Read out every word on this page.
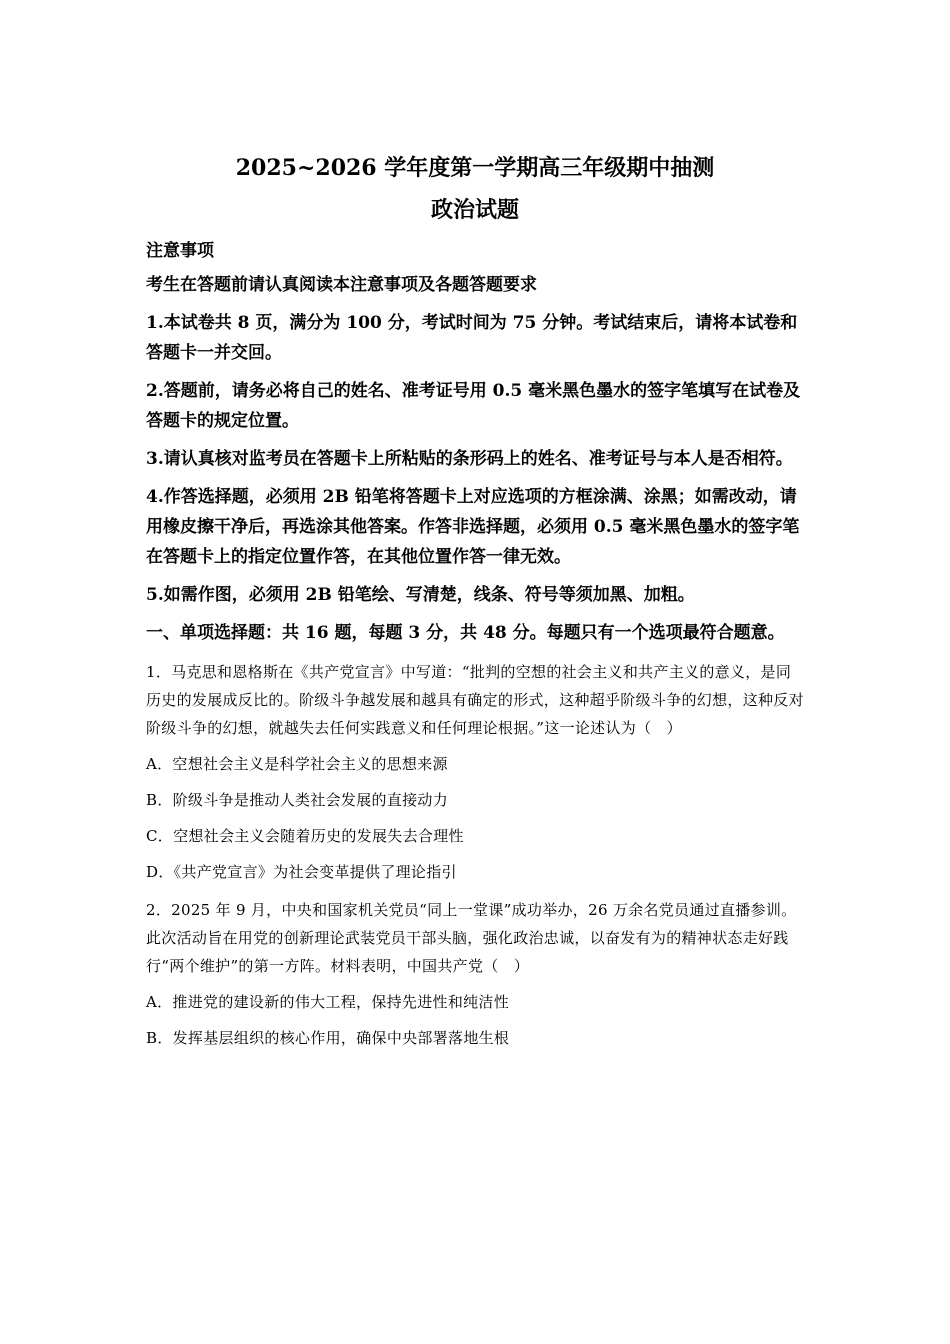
2025~2026 学年度第一学期高三年级期中抽测
政治试题

注意事项

考生在答题前请认真阅读本注意事项及各题答题要求

1.本试卷共 8 页，满分为 100 分，考试时间为 75 分钟。考试结束后，请将本试卷和答题卡一并交回。

2.答题前，请务必将自己的姓名、准考证号用 0.5 毫米黑色墨水的签字笔填写在试卷及答题卡的规定位置。

3.请认真核对监考员在答题卡上所粘贴的条形码上的姓名、准考证号与本人是否相符。

4.作答选择题，必须用 2B 铅笔将答题卡上对应选项的方框涂满、涂黑；如需改动，请用橡皮擦干净后，再选涂其他答案。作答非选择题，必须用 0.5 毫米黑色墨水的签字笔在答题卡上的指定位置作答，在其他位置作答一律无效。

5.如需作图，必须用 2B 铅笔绘、写清楚，线条、符号等须加黑、加粗。

一、单项选择题：共 16 题，每题 3 分，共 48 分。每题只有一个选项最符合题意。

1．马克思和恩格斯在《共产党宣言》中写道：“批判的空想的社会主义和共产主义的意义，是同历史的发展成反比的。阶级斗争越发展和越具有确定的形式，这种超乎阶级斗争的幻想，这种反对阶级斗争的幻想，就越失去任何实践意义和任何理论根据。”这一论述认为（　）

A．空想社会主义是科学社会主义的思想来源

B．阶级斗争是推动人类社会发展的直接动力

C．空想社会主义会随着历史的发展失去合理性

D．《共产党宣言》为社会变革提供了理论指引

2．2025 年 9 月，中央和国家机关党员“同上一堂课”成功举办，26 万余名党员通过直播参训。此次活动旨在用党的创新理论武装党员干部头脑，强化政治忠诚，以奋发有为的精神状态走好践行“两个维护”的第一方阵。材料表明，中国共产党（　）

A．推进党的建设新的伟大工程，保持先进性和纯洁性

B．发挥基层组织的核心作用，确保中央部署落地生根
